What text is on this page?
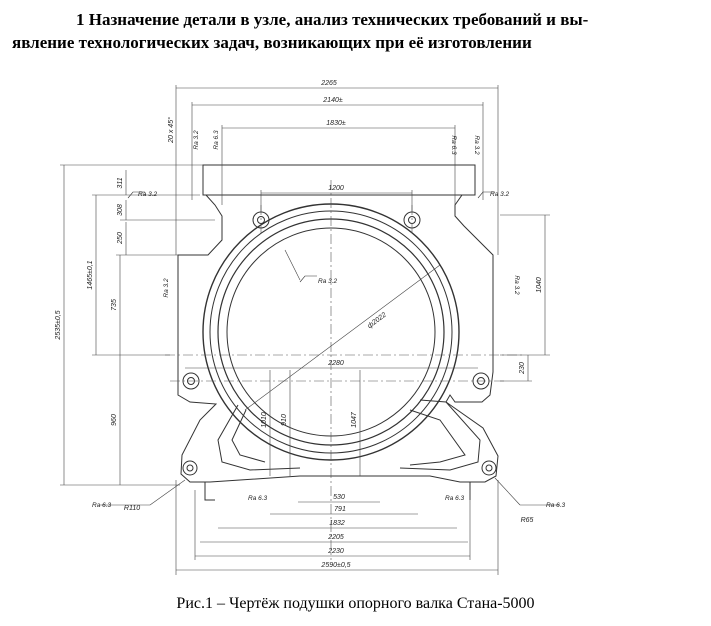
1 Назначение детали в узле, анализ технических требований и вы-
явление технологических задач, возникающих при её изготовлении
2265
2140±
1830±
1200
2280
530
791
1832
2205
2230
2590±0,5
2535±0,5
1465±0,1
735
960
311
308
250
1040
230
1010 910	1047
ф2022
R110
R65
20 x 45°
Ra 3.2	Ra 3.2
Ra 3.2
Ra 6.3	Ra 6.3
Ra 6.3	Ra 6.3
Ra 3.2 Ra 6.3
Ra 3.2
Ra 6.3 Ra 3.2
Ra 3.2
Рис.1 – Чертёж подушки опорного валка Стана-5000
